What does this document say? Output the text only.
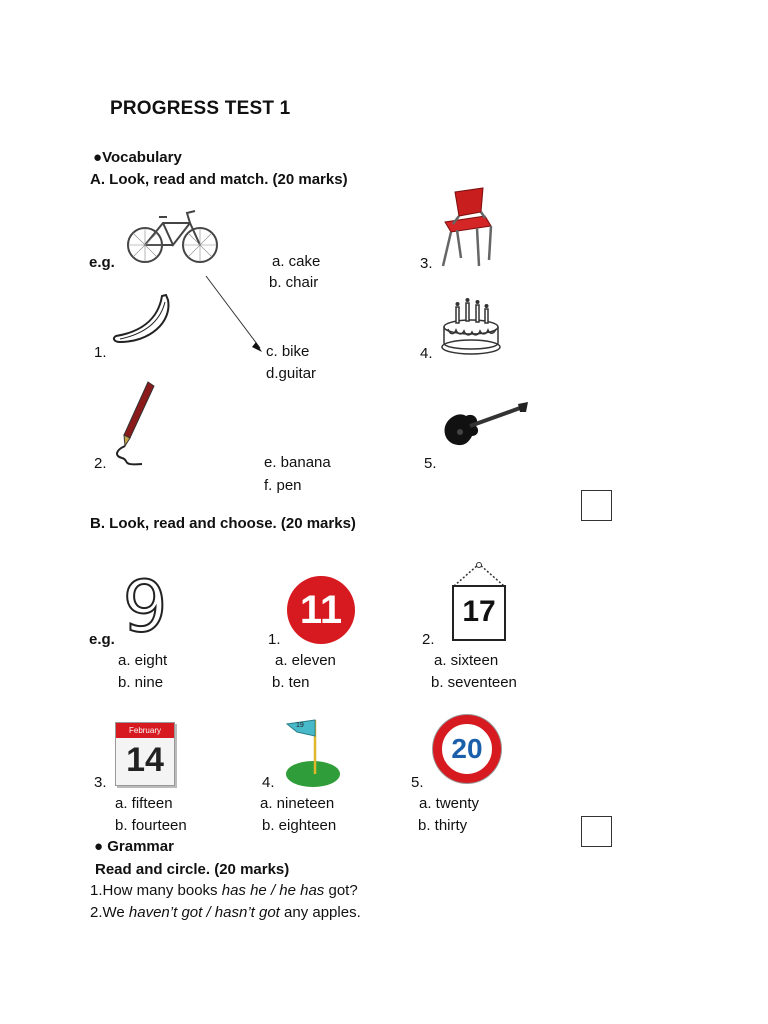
PROGRESS TEST 1
●Vocabulary
A. Look, read and match. (20 marks)
e.g.
1.
2.
3.
4.
5.
a. cake
b. chair
c. bike
d.guitar
e. banana
f. pen
B. Look, read and choose. (20 marks)
9	11	17
e.g.
a. eight
b. nine
1.
a. eleven
b. ten
2.
a. sixteen
b. seventeen
February
14
19
20
3.
a. fifteen
b. fourteen
4.
a. nineteen
b. eighteen
5.
a. twenty
b. thirty
● Grammar
Read and circle. (20 marks)
1.How many books has he / he has got?
2.We haven’t got / hasn’t got any apples.
